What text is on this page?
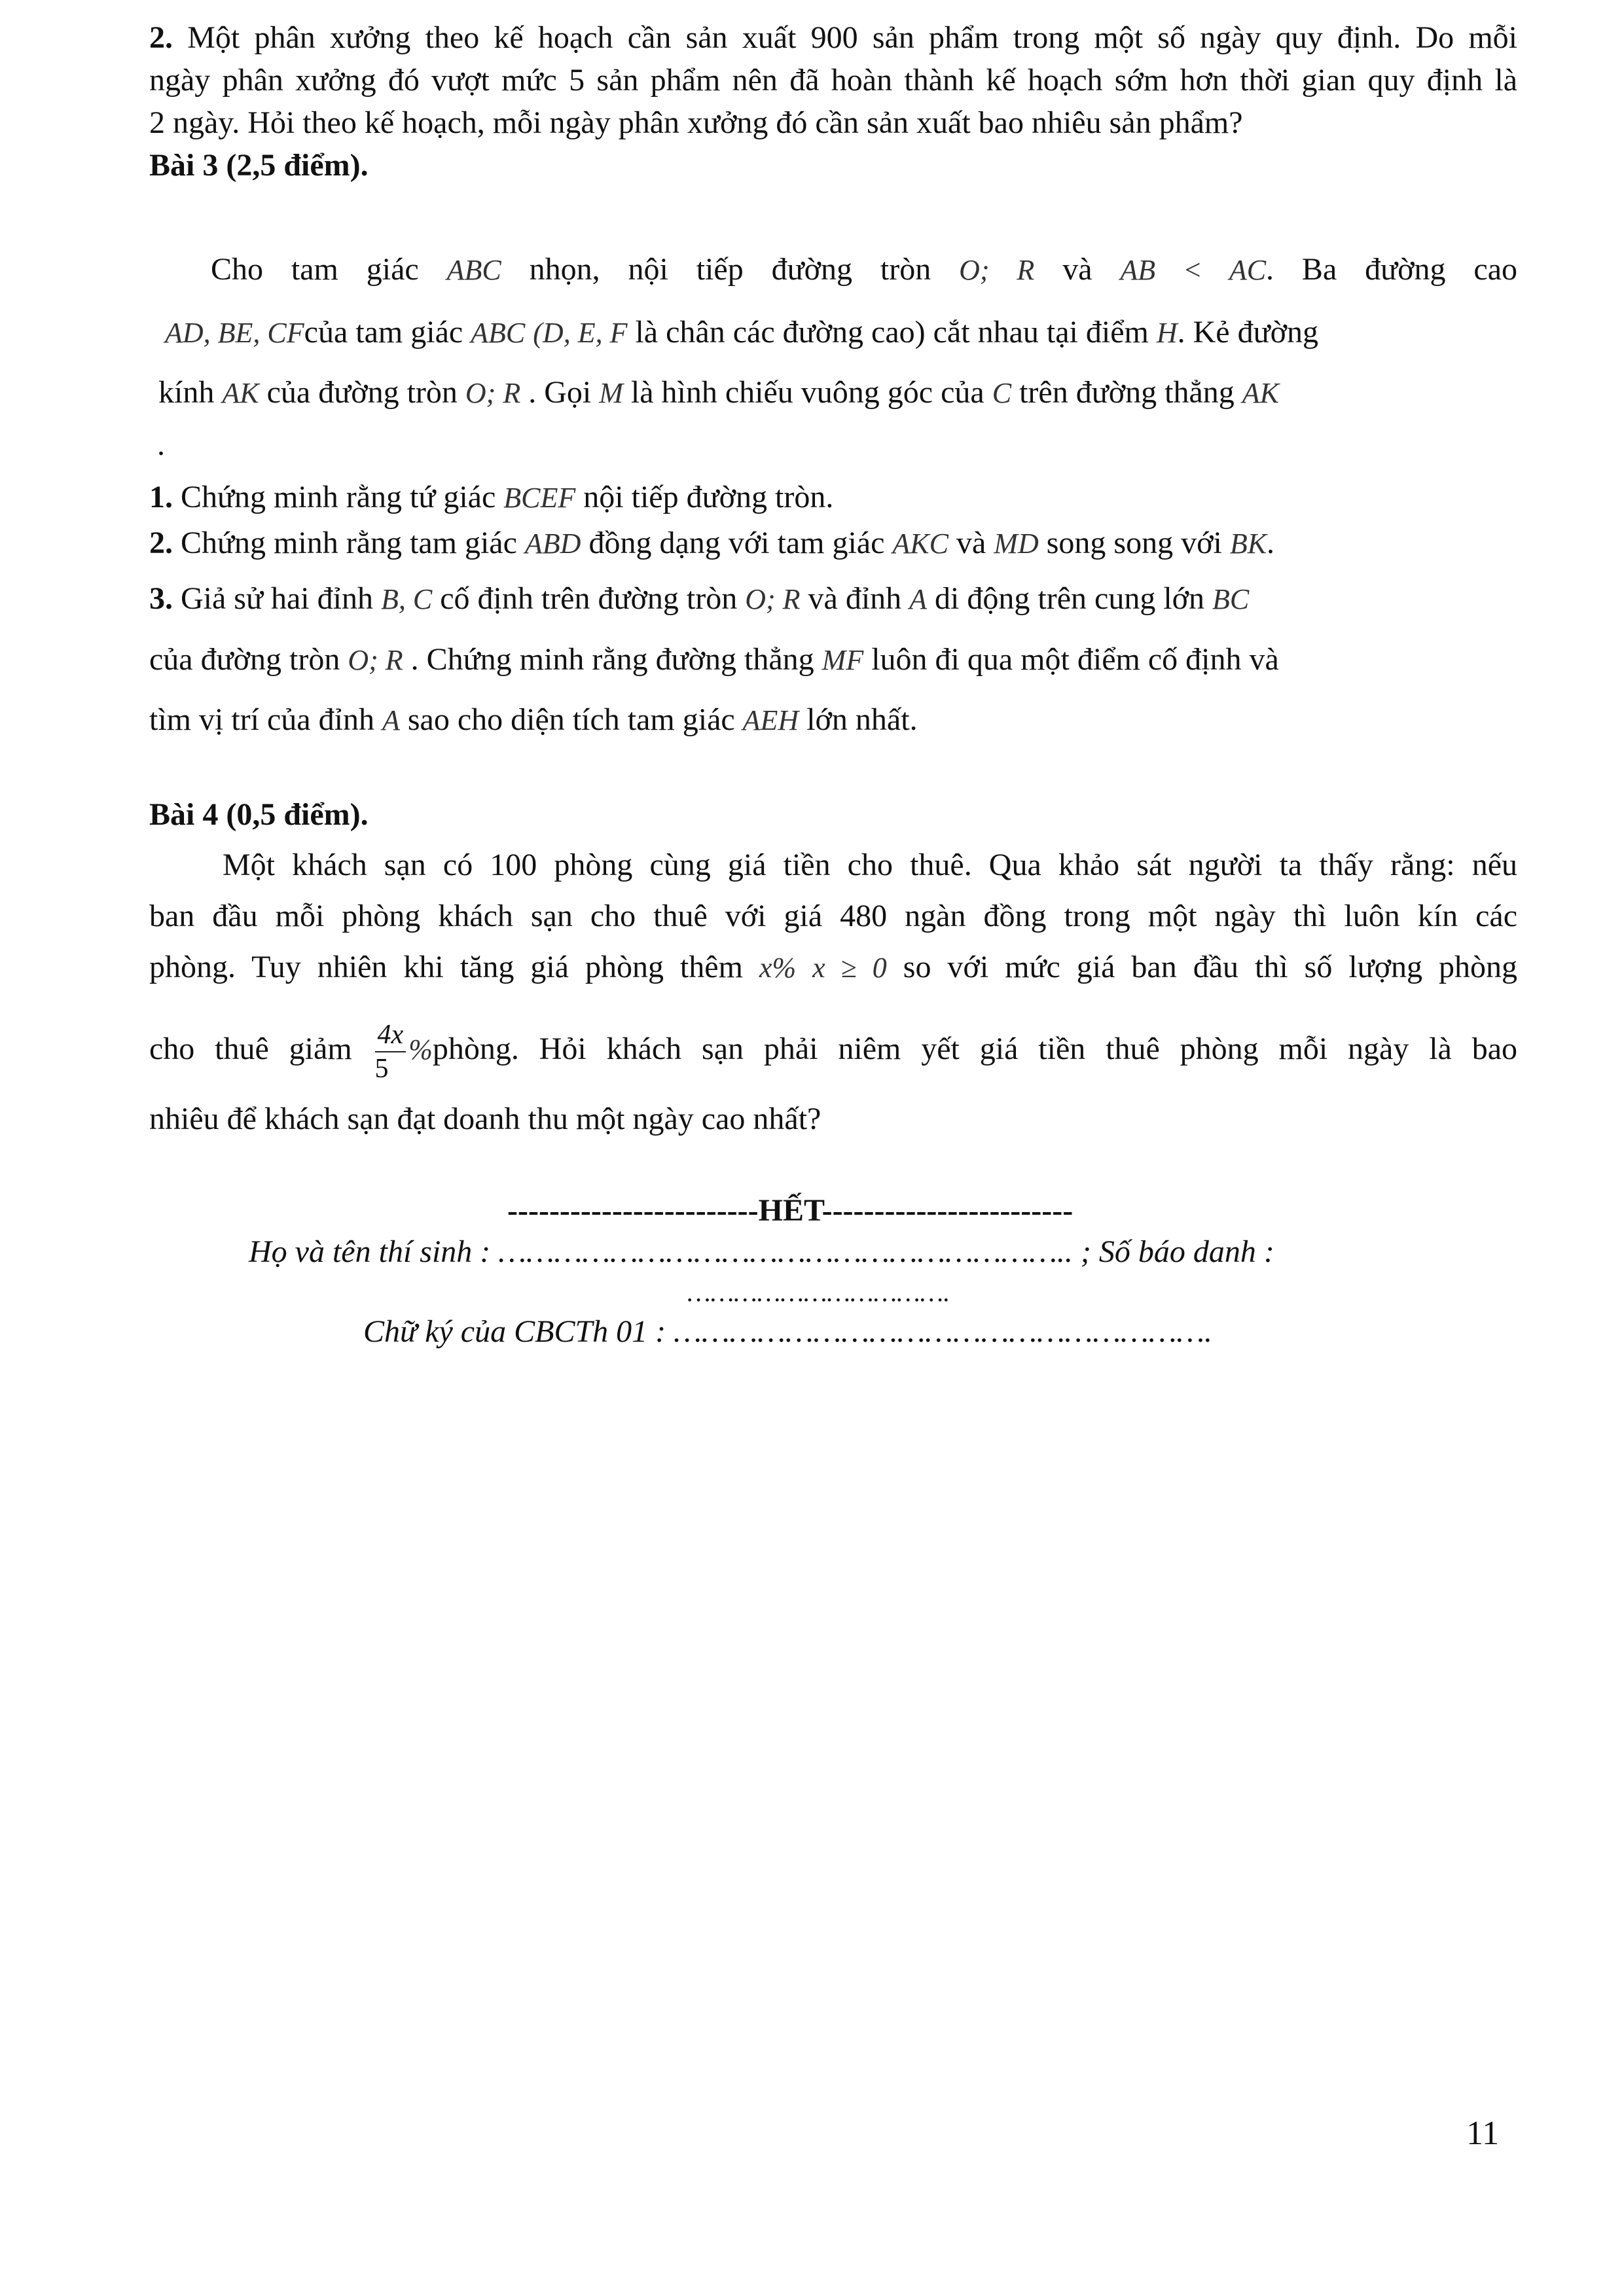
2. Một phân xưởng theo kế hoạch cần sản xuất 900 sản phẩm trong một số ngày quy định. Do mỗi
ngày phân xưởng đó vượt mức 5 sản phẩm nên đã hoàn thành kế hoạch sớm hơn thời gian quy định là
2 ngày. Hỏi theo kế hoạch, mỗi ngày phân xưởng đó cần sản xuất bao nhiêu sản phẩm?
Bài 3 (2,5 điểm).
Cho tam giác ABC nhọn, nội tiếp đường tròn O; R và AB < AC. Ba đường cao
AD, BE, CFcủa tam giác ABC (D, E, F là chân các đường cao) cắt nhau tại điểm H. Kẻ đường
kính AK của đường tròn O; R . Gọi M là hình chiếu vuông góc của C trên đường thẳng AK
.
1. Chứng minh rằng tứ giác BCEF nội tiếp đường tròn.
2. Chứng minh rằng tam giác ABD đồng dạng với tam giác AKC và MD song song với BK.
3. Giả sử hai đỉnh B, C cố định trên đường tròn O; R và đỉnh A di động trên cung lớn BC
của đường tròn O; R . Chứng minh rằng đường thẳng MF luôn đi qua một điểm cố định và
tìm vị trí của đỉnh A sao cho diện tích tam giác AEH lớn nhất.
Bài 4 (0,5 điểm).
Một khách sạn có 100 phòng cùng giá tiền cho thuê. Qua khảo sát người ta thấy rằng: nếu
ban đầu mỗi phòng khách sạn cho thuê với giá 480 ngàn đồng trong một ngày thì luôn kín các
phòng. Tuy nhiên khi tăng giá phòng thêm x% x ≥ 0 so với mức giá ban đầu thì số lượng phòng
cho thuê giảm $\frac{4x}{5}$ %phòng. Hỏi khách sạn phải niêm yết giá tiền thuê phòng mỗi ngày là bao
nhiêu để khách sạn đạt doanh thu một ngày cao nhất?
------------------------HẾT------------------------
Họ và tên thí sinh : …………………………………………………….. ; Số báo danh :
…………………………….
Chữ ký của CBCTh 01 : ………………………………………………….
11
